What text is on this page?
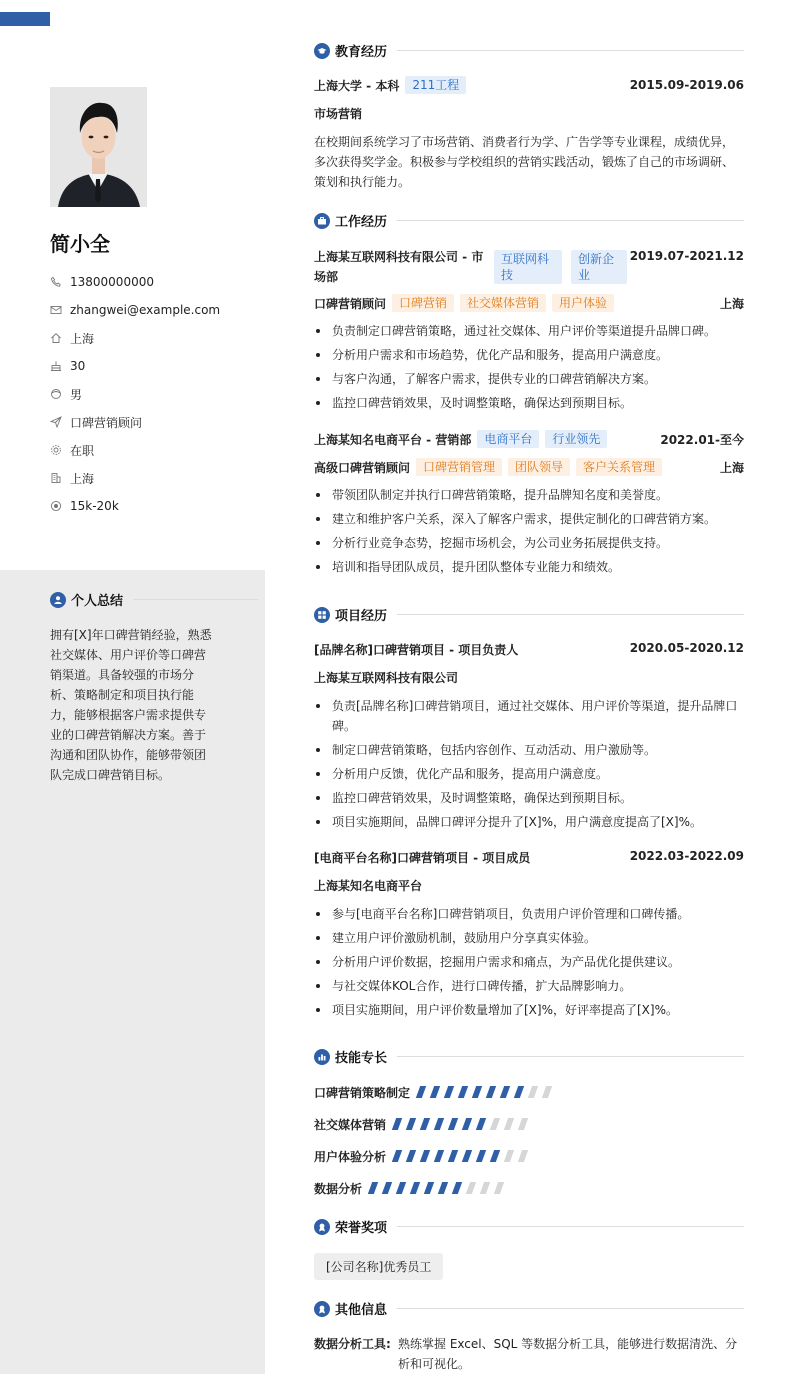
简小全
13800000000
zhangwei@example.com
上海
30
男
口碑营销顾问
在职
上海
15k-20k
个人总结
拥有[X]年口碑营销经验，熟悉社交媒体、用户评价等口碑营销渠道。具备较强的市场分析、策略制定和项目执行能力，能够根据客户需求提供专业的口碑营销解决方案。善于沟通和团队协作，能够带领团队完成口碑营销目标。
教育经历
上海大学 - 本科	211工程	2015.09-2019.06
市场营销
在校期间系统学习了市场营销、消费者行为学、广告学等专业课程，成绩优异，多次获得奖学金。积极参与学校组织的营销实践活动，锻炼了自己的市场调研、策划和执行能力。
工作经历
上海某互联网科技有限公司 - 市场部
互联网科技
创新企业
2019.07-2021.12
口碑营销顾问	口碑营销	社交媒体营销	用户体验	上海
负责制定口碑营销策略，通过社交媒体、用户评价等渠道提升品牌口碑。
分析用户需求和市场趋势，优化产品和服务，提高用户满意度。
与客户沟通，了解客户需求，提供专业的口碑营销解决方案。
监控口碑营销效果，及时调整策略，确保达到预期目标。
上海某知名电商平台 - 营销部	电商平台	行业领先	2022.01-至今
高级口碑营销顾问	口碑营销管理	团队领导	客户关系管理	上海
带领团队制定并执行口碑营销策略，提升品牌知名度和美誉度。
建立和维护客户关系，深入了解客户需求，提供定制化的口碑营销方案。
分析行业竞争态势，挖掘市场机会，为公司业务拓展提供支持。
培训和指导团队成员，提升团队整体专业能力和绩效。
项目经历
[品牌名称]口碑营销项目 - 项目负责人	2020.05-2020.12
上海某互联网科技有限公司
负责[品牌名称]口碑营销项目，通过社交媒体、用户评价等渠道，提升品牌口碑。
制定口碑营销策略，包括内容创作、互动活动、用户激励等。
分析用户反馈，优化产品和服务，提高用户满意度。
监控口碑营销效果，及时调整策略，确保达到预期目标。
项目实施期间，品牌口碑评分提升了[X]%，用户满意度提高了[X]%。
[电商平台名称]口碑营销项目 - 项目成员	2022.03-2022.09
上海某知名电商平台
参与[电商平台名称]口碑营销项目，负责用户评价管理和口碑传播。
建立用户评价激励机制，鼓励用户分享真实体验。
分析用户评价数据，挖掘用户需求和痛点，为产品优化提供建议。
与社交媒体KOL合作，进行口碑传播，扩大品牌影响力。
项目实施期间，用户评价数量增加了[X]%，好评率提高了[X]%。
技能专长
口碑营销策略制定
社交媒体营销
用户体验分析
数据分析
荣誉奖项
[公司名称]优秀员工
其他信息
数据分析工具: 熟练掌握 Excel、SQL 等数据分析工具，能够进行数据清洗、分析和可视化。
